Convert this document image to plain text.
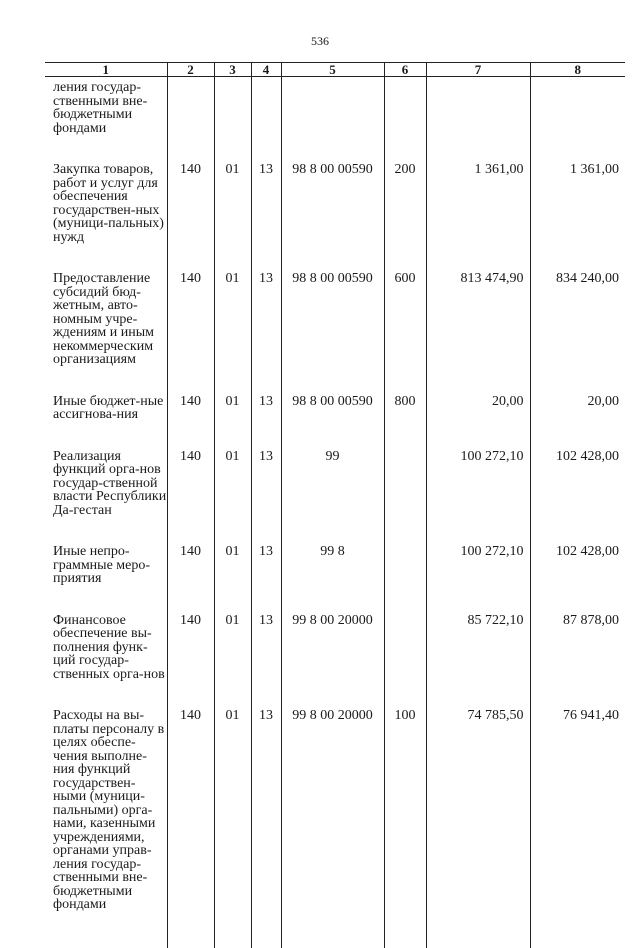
536
1	2	3	4	5	6	7	8
ления государ-ственными вне-бюджетными фондами							
Закупка товаров, работ и услуг для обеспечения государствен-ных (муници-пальных) нужд	140	01	13	98 8 00 00590	200	1 361,00	1 361,00
Предоставление субсидий бюд-жетным, авто-номным учре-ждениям и иным некоммерческим организациям	140	01	13	98 8 00 00590	600	813 474,90	834 240,00
Иные бюджет-ные ассигнова-ния	140	01	13	98 8 00 00590	800	20,00	20,00
Реализация функций орга-нов государ-ственной власти Республики Да-гестан	140	01	13	99		100 272,10	102 428,00
Иные непро-граммные меро-приятия	140	01	13	99 8		100 272,10	102 428,00
Финансовое обеспечение вы-полнения функ-ций государ-ственных орга-нов	140	01	13	99 8 00 20000		85 722,10	87 878,00
Расходы на вы-платы персоналу в целях обеспе-чения выполне-ния функций государствен-ными (муници-пальными) орга-нами, казенными учреждениями, органами управ-ления государ-ственными вне-бюджетными фондами	140	01	13	99 8 00 20000	100	74 785,50	76 941,40
